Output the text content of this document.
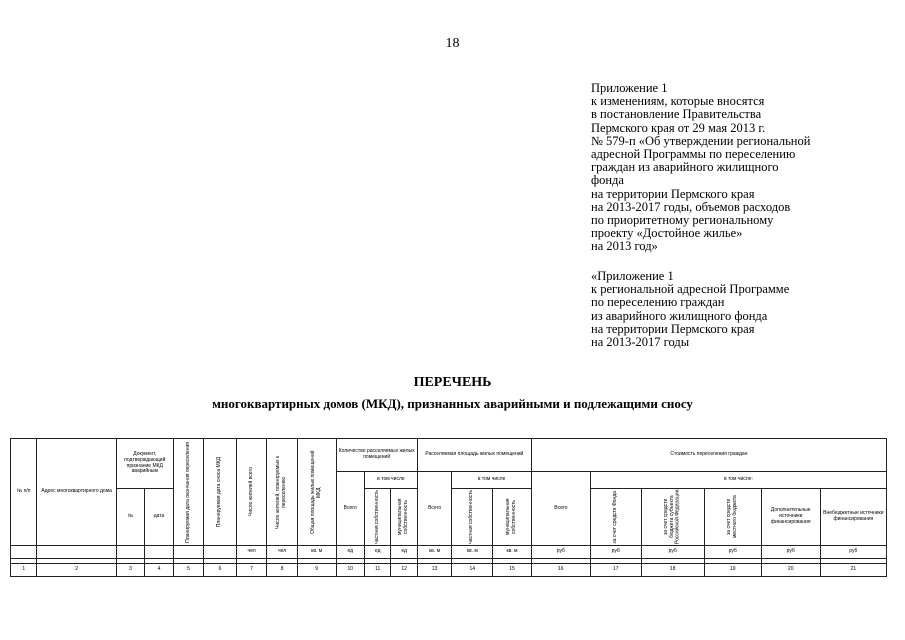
18
Приложение 1
к изменениям, которые вносятся
в постановление Правительства
Пермского края от 29 мая 2013 г.
№ 579-п «Об утверждении региональной
адресной Программы по переселению
граждан из аварийного жилищного
фонда
на территории Пермского края
на 2013-2017 годы, объемов расходов
по приоритетному региональному
проекту «Достойное жилье»
на 2013 год»
«Приложение 1
к региональной адресной Программе
по переселению граждан
из аварийного жилищного фонда
на территории Пермского края
на 2013-2017 годы
ПЕРЕЧЕНЬ
многоквартирных домов (МКД), признанных аварийными и подлежащими сносу
№ п/п	Адрес многоквартирного дома	Документ, подтверждающий признание МКД аварийным		Планируемая дата окончания переселения	Планируемая дата сноса МКД	Число жителей всего	Число жителей, планируемых к переселению	Общая площадь жилых помещений МКД	Количество расселяемых жилых помещений			Расселяемая площадь жилых помещений			Стоимость переселения граждан					
									Всего	в том числе		Всего	в том числе		Всего	в том числе:				
		№	дата							частная собственность	муниципальная собственность		частная собственность	муниципальная собственность		за счет средств Фонда	за счет средств бюджета субъекта Российской Федерации	за счет средств местного бюджета	Дополнительные источники финансирования	Внебюджетные источники финансирования
						чел	чел	кв. м	ед	ед	ед	кв. м	кв. м	кв. м	руб	руб	руб	руб	руб	руб

1	2	3	4	5	6	7	8	9	10	11	12	13	14	15	16	17	18	19	20	21
